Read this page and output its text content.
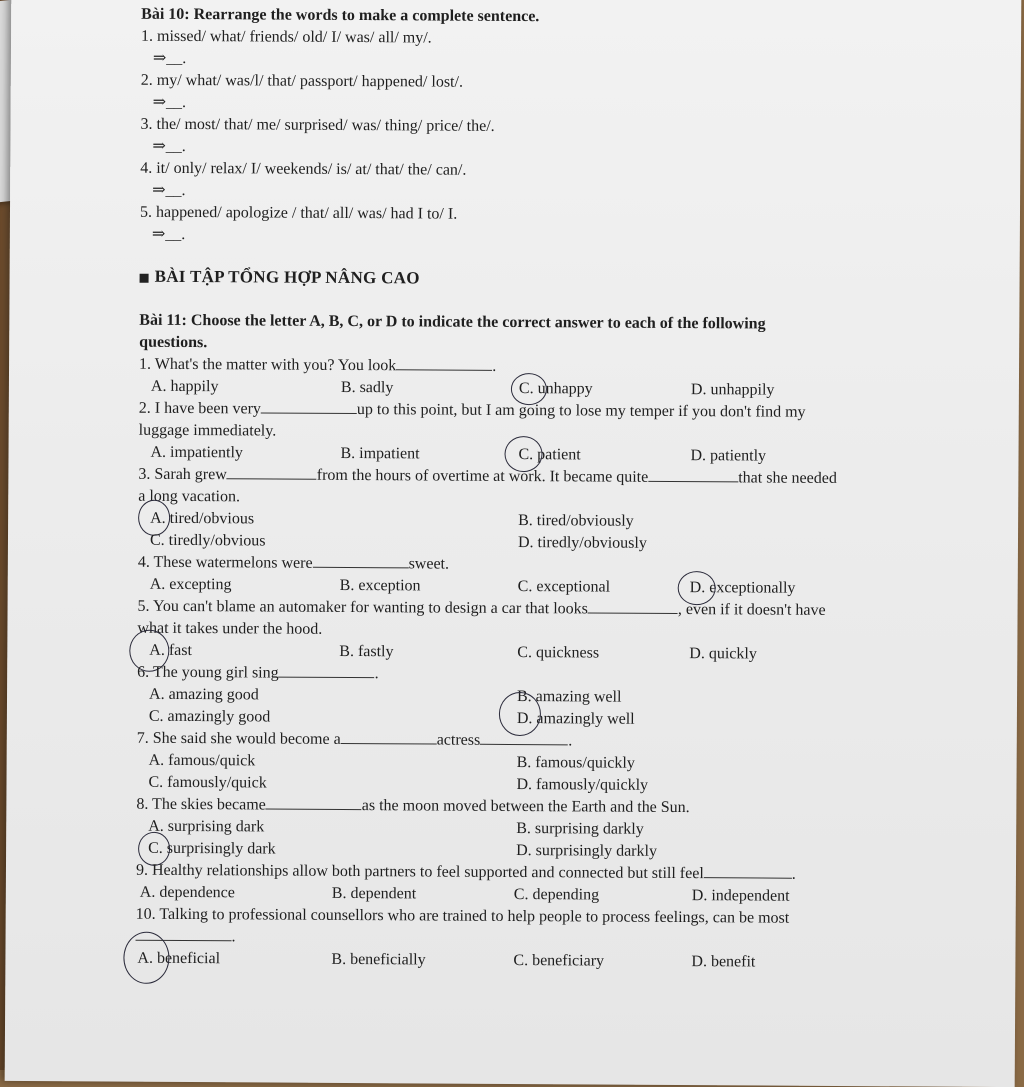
Bài 10: Rearrange the words to make a complete sentence.
1. missed/ what/ friends/ old/ I/ was/ all/ my/.
⇒__.
2. my/ what/ was/l/ that/ passport/ happened/ lost/.
⇒__.
3. the/ most/ that/ me/ surprised/ was/ thing/ price/ the/.
⇒__.
4. it/ only/ relax/ I/ weekends/ is/ at/ that/ the/ can/.
⇒__.
5. happened/ apologize / that/ all/ was/ had I to/ I.
⇒__.
BÀI TẬP TỔNG HỢP NÂNG CAO
Bài 11: Choose the letter A, B, C, or D to indicate the correct answer to each of the following
questions.
1. What's the matter with you? You look	.
A. happily	B. sadly	C. unhappy	D. unhappily
2. I have been very	up to this point, but I am going to lose my temper if you don't find my
luggage immediately.
A. impatiently	B. impatient	C. patient	D. patiently
3. Sarah grew	from the hours of overtime at work. It became quite	that she needed
a long vacation.
A. tired/obvious	B. tired/obviously
C. tiredly/obvious	D. tiredly/obviously
4. These watermelons were	sweet.
A. excepting	B. exception	C. exceptional	D. exceptionally
5. You can't blame an automaker for wanting to design a car that looks	, even if it doesn't have
what it takes under the hood.
A. fast	B. fastly	C. quickness	D. quickly
6. The young girl sing	.
A. amazing good	B. amazing well
C. amazingly good	D. amazingly well
7. She said she would become a	actress	.
A. famous/quick	B. famous/quickly
C. famously/quick	D. famously/quickly
8. The skies became	as the moon moved between the Earth and the Sun.
A. surprising dark	B. surprising darkly
C. surprisingly dark	D. surprisingly darkly
9. Healthy relationships allow both partners to feel supported and connected but still feel	.
A. dependence	B. dependent	C. depending	D. independent
10. Talking to professional counsellors who are trained to help people to process feelings, can be most
.
A. beneficial	B. beneficially	C. beneficiary	D. benefit
